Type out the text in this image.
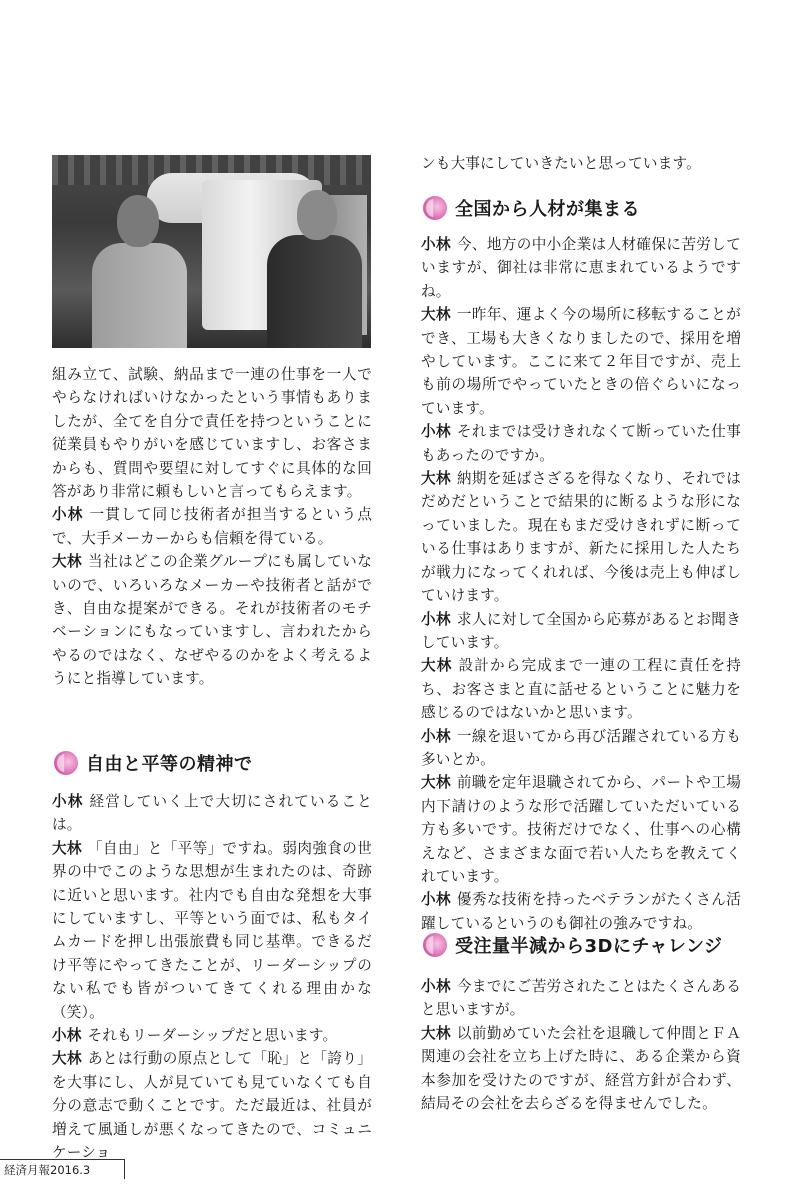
組み立て、試験、納品まで一連の仕事を一人でやらなければいけなかったという事情もありましたが、全てを自分で責任を持つということに従業員もやりがいを感じていますし、お客さまからも、質問や要望に対してすぐに具体的な回答があり非常に頼もしいと言ってもらえます。

小林 一貫して同じ技術者が担当するという点で、大手メーカーからも信頼を得ている。

大林 当社はどこの企業グループにも属していないので、いろいろなメーカーや技術者と話ができ、自由な提案ができる。それが技術者のモチベーションにもなっていますし、言われたからやるのではなく、なぜやるのかをよく考えるようにと指導しています。

自由と平等の精神で

小林 経営していく上で大切にされていることは。

大林 「自由」と「平等」ですね。弱肉強食の世界の中でこのような思想が生まれたのは、奇跡に近いと思います。社内でも自由な発想を大事にしていますし、平等という面では、私もタイムカードを押し出張旅費も同じ基準。できるだけ平等にやってきたことが、リーダーシップのない私でも皆がついてきてくれる理由かな（笑）。

小林 それもリーダーシップだと思います。

大林 あとは行動の原点として「恥」と「誇り」を大事にし、人が見ていても見ていなくても自分の意志で動くことです。ただ最近は、社員が増えて風通しが悪くなってきたので、コミュニケーショ

ンも大事にしていきたいと思っています。

全国から人材が集まる

小林 今、地方の中小企業は人材確保に苦労していますが、御社は非常に恵まれているようですね。

大林 一昨年、運よく今の場所に移転することができ、工場も大きくなりましたので、採用を増やしています。ここに来て２年目ですが、売上も前の場所でやっていたときの倍ぐらいになっています。

小林 それまでは受けきれなくて断っていた仕事もあったのですか。

大林 納期を延ばさざるを得なくなり、それではだめだということで結果的に断るような形になっていました。現在もまだ受けきれずに断っている仕事はありますが、新たに採用した人たちが戦力になってくれれば、今後は売上も伸ばしていけます。

小林 求人に対して全国から応募があるとお聞きしています。

大林 設計から完成まで一連の工程に責任を持ち、お客さまと直に話せるということに魅力を感じるのではないかと思います。

小林 一線を退いてから再び活躍されている方も多いとか。

大林 前職を定年退職されてから、パートや工場内下請けのような形で活躍していただいている方も多いです。技術だけでなく、仕事への心構えなど、さまざまな面で若い人たちを教えてくれています。

小林 優秀な技術を持ったベテランがたくさん活躍しているというのも御社の強みですね。

受注量半減から3Dにチャレンジ

小林 今までにご苦労されたことはたくさんあると思いますが。

大林 以前勤めていた会社を退職して仲間とＦＡ関連の会社を立ち上げた時に、ある企業から資本参加を受けたのですが、経営方針が合わず、結局その会社を去らざるを得ませんでした。

経済月報2016.3
